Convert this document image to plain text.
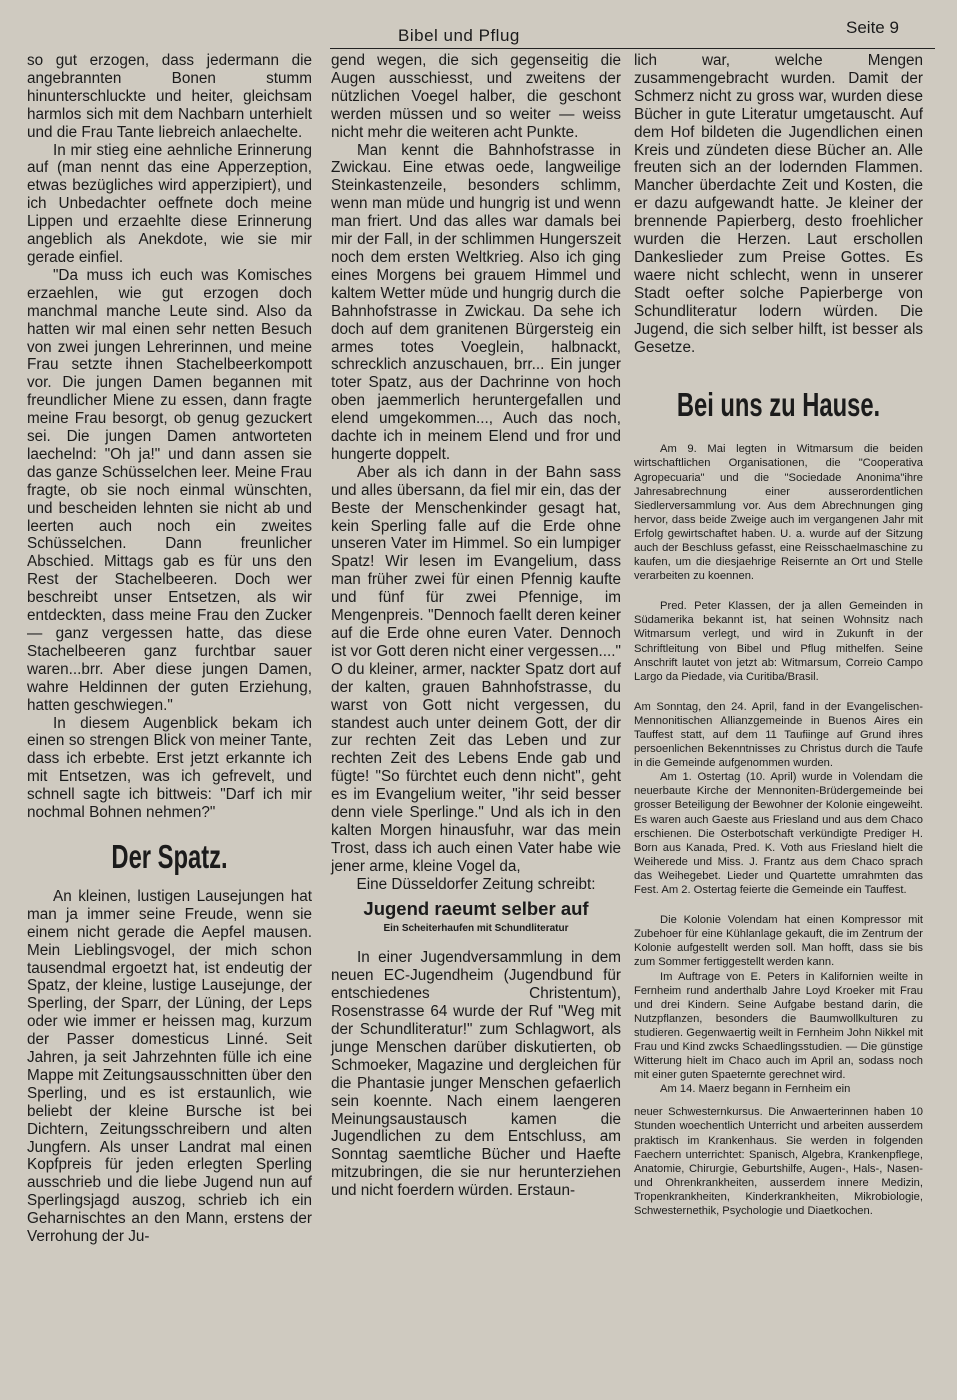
Bibel und Pflug	Seite 9

so gut erzogen, dass jedermann die angebrannten Bonen stumm hinunterschluckte und heiter, gleichsam harmlos sich mit dem Nachbarn unterhielt und die Frau Tante liebreich anlaechelte.

In mir stieg eine aehnliche Erinnerung auf (man nennt das eine Apperzeption, etwas bezügliches wird apperzipiert), und ich Unbedachter oeffnete doch meine Lippen und erzaehlte diese Erinnerung angeblich als Anekdote, wie sie mir gerade einfiel.

"Da muss ich euch was Komisches erzaehlen, wie gut erzogen doch manchmal manche Leute sind. Also da hatten wir mal einen sehr netten Besuch von zwei jungen Lehrerinnen, und meine Frau setzte ihnen Stachelbeerkompott vor. Die jungen Damen begannen mit freundlicher Miene zu essen, dann fragte meine Frau besorgt, ob genug gezuckert sei. Die jungen Damen antworteten laechelnd: "Oh ja!" und dann assen sie das ganze Schüsselchen leer. Meine Frau fragte, ob sie noch einmal wünschten, und bescheiden lehnten sie nicht ab und leerten auch noch ein zweites Schüsselchen. Dann freunlicher Abschied. Mittags gab es für uns den Rest der Stachelbeeren. Doch wer beschreibt unser Entsetzen, als wir entdeckten, dass meine Frau den Zucker — ganz vergessen hatte, das diese Stachelbeeren ganz furchtbar sauer waren...brr. Aber diese jungen Damen, wahre Heldinnen der guten Erziehung, hatten geschwiegen."

In diesem Augenblick bekam ich einen so strengen Blick von meiner Tante, dass ich erbebte. Erst jetzt erkannte ich mit Entsetzen, was ich gefrevelt, und schnell sagte ich bittweis: "Darf ich mir nochmal Bohnen nehmen?"

Der Spatz.

An kleinen, lustigen Lausejungen hat man ja immer seine Freude, wenn sie einem nicht gerade die Aepfel mausen. Mein Lieblingsvogel, der mich schon tausendmal ergoetzt hat, ist endeutig der Spatz, der kleine, lustige Lausejunge, der Sperling, der Sparr, der Lüning, der Leps oder wie immer er heissen mag, kurzum der Passer domesticus Linné. Seit Jahren, ja seit Jahrzehnten fülle ich eine Mappe mit Zeitungsausschnitten über den Sperling, und es ist erstaunlich, wie beliebt der kleine Bursche ist bei Dichtern, Zeitungsschreibern und alten Jungfern. Als unser Landrat mal einen Kopfpreis für jeden erlegten Sperling ausschrieb und die liebe Jugend nun auf Sperlingsjagd auszog, schrieb ich ein Geharnischtes an den Mann, erstens der Verrohung der Ju-

gend wegen, die sich gegenseitig die Augen ausschiesst, und zweitens der nützlichen Voegel halber, die geschont werden müssen und so weiter — weiss nicht mehr die weiteren acht Punkte.

Man kennt die Bahnhofstrasse in Zwickau. Eine etwas oede, langweilige Steinkastenzeile, besonders schlimm, wenn man müde und hungrig ist und wenn man friert. Und das alles war damals bei mir der Fall, in der schlimmen Hungerszeit noch dem ersten Weltkrieg. Also ich ging eines Morgens bei grauem Himmel und kaltem Wetter müde und hungrig durch die Bahnhofstrasse in Zwickau. Da sehe ich doch auf dem granitenen Bürgersteig ein armes totes Voeglein, halbnackt, schrecklich anzuschauen, brr... Ein junger toter Spatz, aus der Dachrinne von hoch oben jaemmerlich heruntergefallen und elend umgekommen..., Auch das noch, dachte ich in meinem Elend und fror und hungerte doppelt.

Aber als ich dann in der Bahn sass und alles übersann, da fiel mir ein, das der Beste der Menschenkinder gesagt hat, kein Sperling falle auf die Erde ohne unseren Vater im Himmel. So ein lumpiger Spatz! Wir lesen im Evangelium, dass man früher zwei für einen Pfennig kaufte und fünf für zwei Pfennige, im Mengenpreis. "Dennoch faellt deren keiner auf die Erde ohne euren Vater. Dennoch ist vor Gott deren nicht einer vergessen...." O du kleiner, armer, nackter Spatz dort auf der kalten, grauen Bahnhofstrasse, du warst von Gott nicht vergessen, du standest auch unter deinem Gott, der dir zur rechten Zeit das Leben und zur rechten Zeit des Lebens Ende gab und fügte! "So fürchtet euch denn nicht", geht es im Evangelium weiter, "ihr seid besser denn viele Sperlinge." Und als ich in den kalten Morgen hinausfuhr, war das mein Trost, dass ich auch einen Vater habe wie jener arme, kleine Vogel da,

Eine Düsseldorfer Zeitung schreibt:

Jugend raeumt selber auf
Ein Scheiterhaufen mit Schundliteratur

In einer Jugendversammlung in dem neuen EC-Jugendheim (Jugendbund für entschiedenes Christentum), Rosenstrasse 64 wurde der Ruf "Weg mit der Schundliteratur!" zum Schlagwort, als junge Menschen darüber diskutierten, ob Schmoeker, Magazine und dergleichen für die Phantasie junger Menschen gefaerlich sein koennte. Nach einem laengeren Meinungsaustausch kamen die Jugendlichen zu dem Entschluss, am Sonntag saemtliche Bücher und Haefte mitzubringen, die sie nur herunterziehen und nicht foerdern würden. Erstaun-

lich war, welche Mengen zusammengebracht wurden. Damit der Schmerz nicht zu gross war, wurden diese Bücher in gute Literatur umgetauscht. Auf dem Hof bildeten die Jugendlichen einen Kreis und zündeten diese Bücher an. Alle freuten sich an der lodernden Flammen. Mancher überdachte Zeit und Kosten, die er dazu aufgewandt hatte. Je kleiner der brennende Papierberg, desto froehlicher wurden die Herzen. Laut erschollen Dankeslieder zum Preise Gottes. Es waere nicht schlecht, wenn in unserer Stadt oefter solche Papierberge von Schundliteratur lodern würden. Die Jugend, die sich selber hilft, ist besser als Gesetze.

Bei uns zu Hause.

Am 9. Mai legten in Witmarsum die beiden wirtschaftlichen Organisationen, die "Cooperativa Agropecuaria" und die "Sociedade Anonima"ihre Jahresabrechnung einer ausserordentlichen Siedlerversammlung vor. Aus dem Abrechnungen ging hervor, dass beide Zweige auch im vergangenen Jahr mit Erfolg gewirtschaftet haben. U. a. wurde auf der Sitzung auch der Beschluss gefasst, eine Reisschaelmaschine zu kaufen, um die diesjaehrige Reisernte an Ort und Stelle verarbeiten zu koennen.

Pred. Peter Klassen, der ja allen Gemeinden in Südamerika bekannt ist, hat seinen Wohnsitz nach Witmarsum verlegt, und wird in Zukunft in der Schriftleitung von Bibel und Pflug mithelfen. Seine Anschrift lautet von jetzt ab: Witmarsum, Correio Campo Largo da Piedade, via Curitiba/Brasil.

Am Sonntag, den 24. April, fand in der Evangelischen-Mennonitischen Allianzgemeinde in Buenos Aires ein Tauffest statt, auf dem 11 Taufiinge auf Grund ihres persoenlichen Bekenntnisses zu Christus durch die Taufe in die Gemeinde aufgenommen wurden.

Am 1. Ostertag (10. April) wurde in Volendam die neuerbaute Kirche der Mennoniten-Brüdergemeinde bei grosser Beteiligung der Bewohner der Kolonie eingeweiht. Es waren auch Gaeste aus Friesland und aus dem Chaco erschienen. Die Osterbotschaft verkündigte Prediger H. Born aus Kanada, Pred. K. Voth aus Friesland hielt die Weiherede und Miss. J. Frantz aus dem Chaco sprach das Weihegebet. Lieder und Quartette umrahmten das Fest. Am 2. Ostertag feierte die Gemeinde ein Tauffest.

Die Kolonie Volendam hat einen Kompressor mit Zubehoer für eine Kühlanlage gekauft, die im Zentrum der Kolonie aufgestellt werden soll. Man hofft, dass sie bis zum Sommer fertiggestellt werden kann.

Im Auftrage von E. Peters in Kalifornien weilte in Fernheim rund anderthalb Jahre Loyd Kroeker mit Frau und drei Kindern. Seine Aufgabe bestand darin, die Nutzpflanzen, besonders die Baumwollkulturen zu studieren. Gegenwaertig weilt in Fernheim John Nikkel mit Frau und Kind zwcks Schaedlingsstudien. — Die günstige Witterung hielt im Chaco auch im April an, sodass noch mit einer guten Spaeternte gerechnet wird.

Am 14. Maerz begann in Fernheim ein

neuer Schwesternkursus. Die Anwaerterinnen haben 10 Stunden woechentlich Unterricht und arbeiten ausserdem praktisch im Krankenhaus. Sie werden in folgenden Faechern unterrichtet: Spanisch, Algebra, Krankenpflege, Anatomie, Chirurgie, Geburtshilfe, Augen-, Hals-, Nasen- und Ohrenkrankheiten, ausserdem innere Medizin, Tropenkrankheiten, Kinderkrankheiten, Mikrobiologie, Schwesternethik, Psychologie und Diaetkochen.
